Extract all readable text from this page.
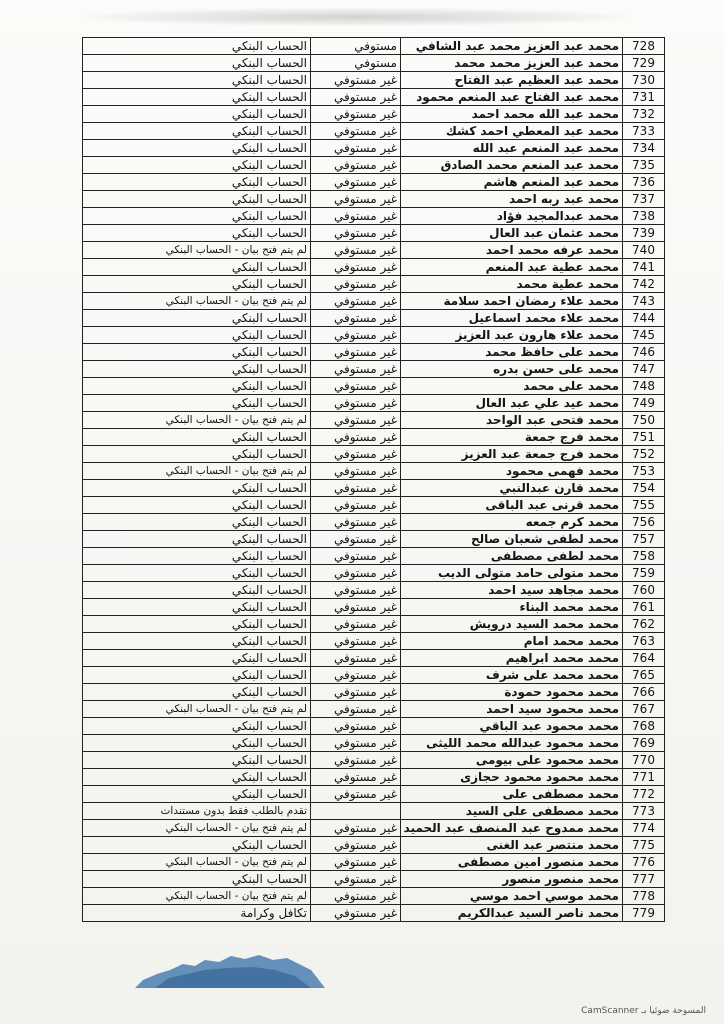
728	محمد عبد العزيز محمد عبد الشافي	مستوفي	الحساب البنكي
729	محمد عبد العزيز محمد محمد	مستوفي	الحساب البنكي
730	محمد عبد العظيم عبد الفتاح	غير مستوفي	الحساب البنكي
731	محمد عبد الفتاح عبد المنعم محمود	غير مستوفي	الحساب البنكي
732	محمد عبد الله محمد احمد	غير مستوفي	الحساب البنكي
733	محمد عبد المعطي احمد كشك	غير مستوفي	الحساب البنكي
734	محمد عبد المنعم عبد الله	غير مستوفي	الحساب البنكي
735	محمد عبد المنعم محمد الصادق	غير مستوفي	الحساب البنكي
736	محمد عبد المنعم هاشم	غير مستوفي	الحساب البنكي
737	محمد عبد ربه احمد	غير مستوفي	الحساب البنكي
738	محمد عبدالمجيد فؤاد	غير مستوفي	الحساب البنكي
739	محمد عثمان عبد العال	غير مستوفي	الحساب البنكي
740	محمد عرفه محمد احمد	غير مستوفي	لم يتم فتح بيان - الحساب البنكي
741	محمد عطية عبد المنعم	غير مستوفي	الحساب البنكي
742	محمد عطية محمد	غير مستوفي	الحساب البنكي
743	محمد علاء رمضان احمد سلامة	غير مستوفي	لم يتم فتح بيان - الحساب البنكي
744	محمد علاء محمد اسماعيل	غير مستوفي	الحساب البنكي
745	محمد علاء هارون عبد العزيز	غير مستوفي	الحساب البنكي
746	محمد على حافظ محمد	غير مستوفي	الحساب البنكي
747	محمد على حسن بدره	غير مستوفي	الحساب البنكي
748	محمد على محمد	غير مستوفي	الحساب البنكي
749	محمد عيد علي عبد العال	غير مستوفي	الحساب البنكي
750	محمد فتحى عبد الواحد	غير مستوفي	لم يتم فتح بيان - الحساب البنكي
751	محمد فرج جمعة	غير مستوفي	الحساب البنكي
752	محمد فرج جمعة عبد العزيز	غير مستوفي	الحساب البنكي
753	محمد فهمى محمود	غير مستوفي	لم يتم فتح بيان - الحساب البنكي
754	محمد قارن عبدالنبي	غير مستوفي	الحساب البنكي
755	محمد قرنى عبد الباقى	غير مستوفي	الحساب البنكي
756	محمد كرم جمعه	غير مستوفي	الحساب البنكي
757	محمد لطفى شعبان صالح	غير مستوفي	الحساب البنكي
758	محمد لطفى مصطفى	غير مستوفي	الحساب البنكي
759	محمد متولى حامد متولى الديب	غير مستوفي	الحساب البنكي
760	محمد مجاهد سيد احمد	غير مستوفي	الحساب البنكي
761	محمد محمد البناء	غير مستوفي	الحساب البنكي
762	محمد محمد السيد درويش	غير مستوفي	الحساب البنكي
763	محمد محمد امام	غير مستوفي	الحساب البنكي
764	محمد محمد ابراهيم	غير مستوفي	الحساب البنكي
765	محمد محمد على شرف	غير مستوفي	الحساب البنكي
766	محمد محمود حمودة	غير مستوفي	الحساب البنكي
767	محمد محمود سيد احمد	غير مستوفي	لم يتم فتح بيان - الحساب البنكي
768	محمد محمود عبد الباقي	غير مستوفي	الحساب البنكي
769	محمد محمود عبدالله محمد الليثى	غير مستوفي	الحساب البنكي
770	محمد محمود على بيومى	غير مستوفي	الحساب البنكي
771	محمد محمود محمود حجازى	غير مستوفي	الحساب البنكي
772	محمد مصطفى على	غير مستوفي	الحساب البنكي
773	محمد مصطفى على السيد		تقدم بالطلب فقط بدون مستندات
774	محمد ممدوح عبد المنصف عبد الحميد	غير مستوفي	لم يتم فتح بيان - الحساب البنكي
775	محمد منتصر عبد الغنى	غير مستوفي	الحساب البنكي
776	محمد منصور امين مصطفى	غير مستوفي	لم يتم فتح بيان - الحساب البنكي
777	محمد منصور منصور	غير مستوفي	الحساب البنكي
778	محمد موسي احمد موسي	غير مستوفي	لم يتم فتح بيان - الحساب البنكي
779	محمد ناصر السيد عبدالكريم	غير مستوفي	تكافل وكرامة
CamScanner المسوحة ضوئيا بـ
